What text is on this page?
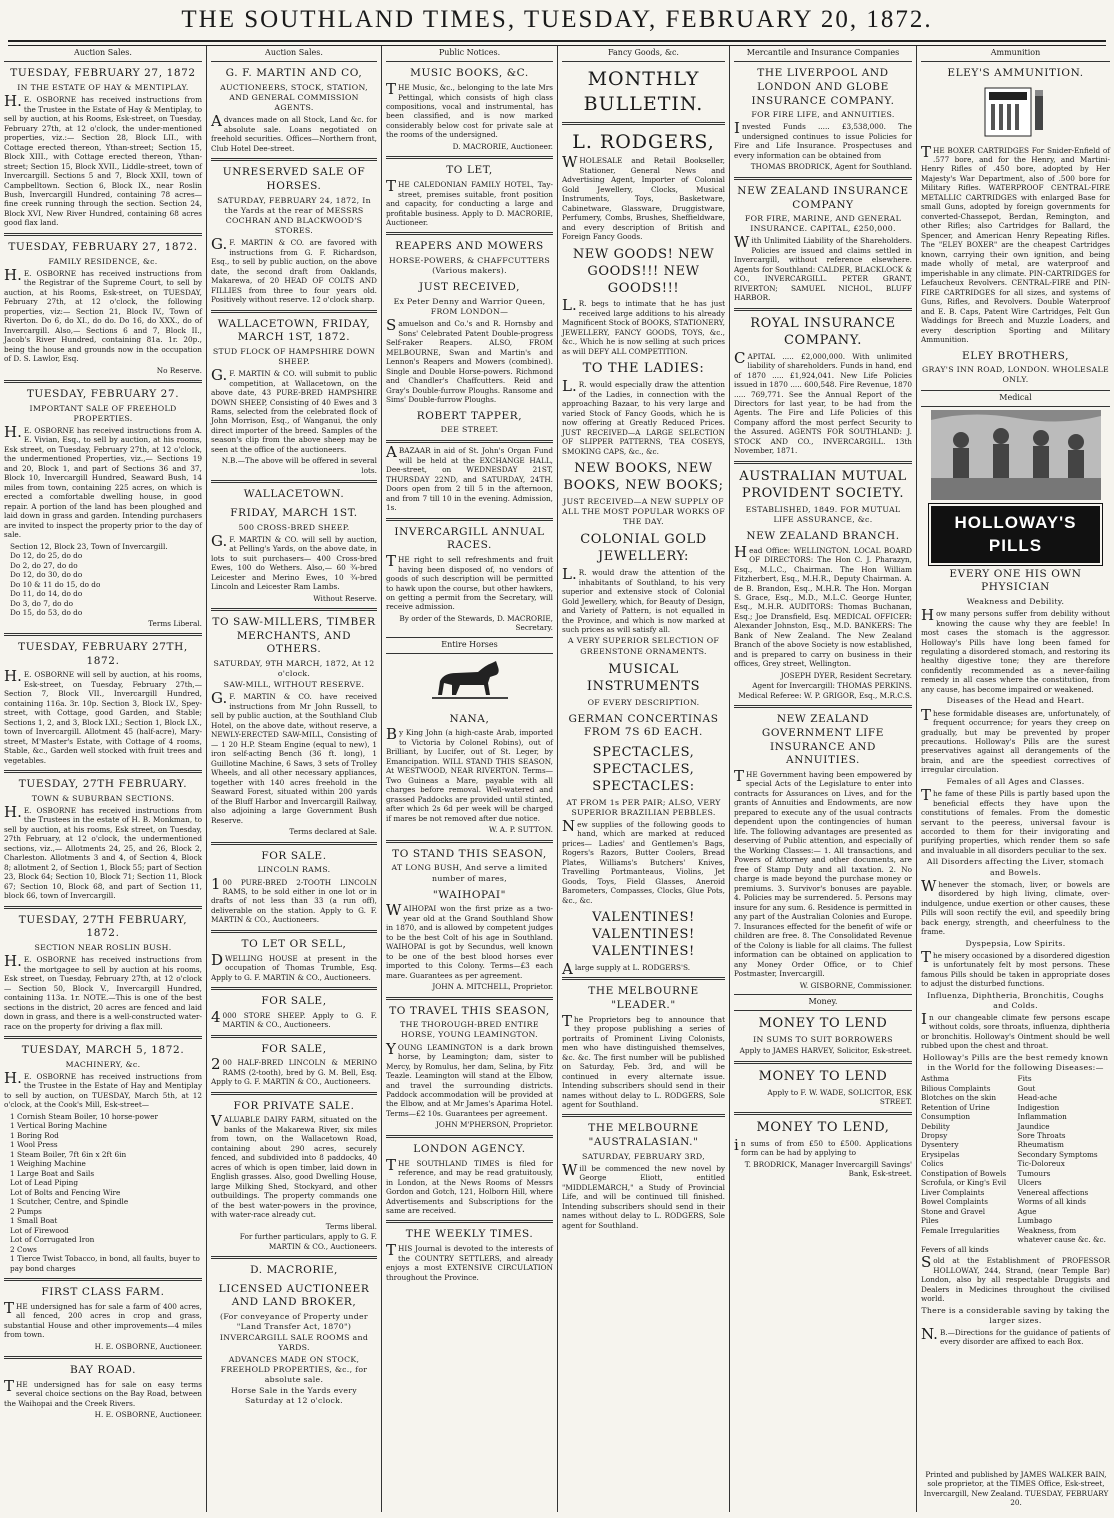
THE SOUTHLAND TIMES, TUESDAY, FEBRUARY 20, 1872.
Auction Sales.
TUESDAY, FEBRUARY 27, 1872
IN THE ESTATE OF HAY & MENTIPLAY.
H.E. OSBORNE has received instructions from the Trustee in the Estate of Hay & Mentiplay, to sell by auction, at his Rooms, Esk-street, on Tuesday, February 27th, at 12 o'clock, the under-mentioned properties, viz.:— Section 28, Block LII., with Cottage erected thereon, Ythan-street; Section 15, Block XIII., with Cottage erected thereon, Ythan-street; Section 15, Block XVII., Liddle-street, town of Invercargill. Sections 5 and 7, Block XXII, town of Campbelltown. Section 6, Block IX., near Roslin Bush, Invercargill Hundred, containing 78 acres—fine creek running through the section. Section 24, Block XVI, New River Hundred, containing 68 acres good flax land.
TUESDAY, FEBRUARY 27, 1872.
FAMILY RESIDENCE, &c.
H.E. OSBORNE has received instructions from the Registrar of the Supreme Court, to sell by auction, at his Rooms, Esk-street, on TUESDAY, February 27th, at 12 o'clock, the following properties, viz:— Section 21, Block IV., Town of Riverton. Do 6, do XI., do do. Do 16, do XXX., do of Invercargill. Also,— Sections 6 and 7, Block II., Jacob's River Hundred, containing 81a. 1r. 20p., being the house and grounds now in the occupation of D. S. Lawlor, Esq.
No Reserve.
TUESDAY, FEBRUARY 27.
IMPORTANT SALE OF FREEHOLD PROPERTIES.
H.E. OSBORNE has received instructions from A. E. Vivian, Esq., to sell by auction, at his rooms, Esk street, on Tuesday, February 27th, at 12 o'clock, the undermentioned Properties, viz.,— Sections 19 and 20, Block 1, and part of Sections 36 and 37, Block 10, Invercargill Hundred, Seaward Bush, 14 miles from town, containing 225 acres, on which is erected a comfortable dwelling house, in good repair. A portion of the land has been ploughed and laid down in grass and garden. Intending purchasers are invited to inspect the property prior to the day of sale.
Section 12, Block 23, Town of Invercargill.
Do 12, do 25, do do
Do 2, do 27, do do
Do 12, do 30, do do
Do 10 & 11 do 15, do do
Do 11, do 14, do do
Do 3, do 7, do do
Do 15, do 53, do do
Terms Liberal.
TUESDAY, FEBRUARY 27TH, 1872.
H.E. OSBORNE will sell by auction, at his rooms, Esk-street, on Tuesday, February 27th,— Section 7, Block VII., Invercargill Hundred, containing 116a. 3r. 10p. Section 3, Block LV., Spey-street, with Cottage, good Garden, and Stable; Sections 1, 2, and 3, Block LXI.; Section 1, Block LX., town of Invercargill. Allotment 45 (half-acre), Mary-street, M'Master's Estate, with Cottage of 4 rooms, Stable, &c., Garden well stocked with fruit trees and vegetables.
TUESDAY, 27TH FEBRUARY.
TOWN & SUBURBAN SECTIONS.
H.E. OSBORNE has received instructions from the Trustees in the estate of H. B. Monkman, to sell by auction, at his rooms, Esk street, on Tuesday, 27th February, at 12 o'clock, the undermentioned sections, viz.,— Allotments 24, 25, and 26, Block 2, Charleston. Allotments 3 and 4, of Section 4, Block 8; allotment 2, of Section 1, Block 55; part of Section 23, Block 64; Section 10, Block 71; Section 11, Block 67; Section 10, Block 68, and part of Section 11, block 66, town of Invercargill.
TUESDAY, 27TH FEBRUARY, 1872.
SECTION NEAR ROSLIN BUSH.
H.E. OSBORNE has received instructions from the mortgagee to sell by auction at his rooms, Esk street, on Tuesday, February 27th, at 12 o'clock— Section 50, Block V., Invercargill Hundred, containing 113a. 1r. NOTE.—This is one of the best sections in the district, 20 acres are fenced and laid down in grass, and there is a well-constructed water-race on the property for driving a flax mill.
TUESDAY, MARCH 5, 1872.
MACHINERY, &c.
H.E. OSBORNE has received instructions from the Trustee in the Estate of Hay and Mentiplay to sell by auction, on TUESDAY, March 5th, at 12 o'clock, at the Cook's Mill, Esk-street—
1 Cornish Steam Boiler, 10 horse-power
1 Vertical Boring Machine
1 Boring Rod
1 Wool Press
1 Steam Boiler, 7ft 6in x 2ft 6in
1 Weighing Machine
1 Large Boat and Sails
Lot of Lead Piping
Lot of Bolts and Fencing Wire
1 Scutcher, Centre, and Spindle
2 Pumps
1 Small Boat
Lot of Firewood
Lot of Corrugated Iron
2 Cows
1 Tierce Twist Tobacco, in bond, all faults, buyer to pay bond charges
FIRST CLASS FARM.
THE undersigned has for sale a farm of 400 acres, all fenced, 200 acres in crop and grass, substantial House and other improvements—4 miles from town.
H. E. OSBORNE, Auctioneer.
BAY ROAD.
THE undersigned has for sale on easy terms several choice sections on the Bay Road, between the Waihopai and the Creek Rivers.
H. E. OSBORNE, Auctioneer.
Auction Sales.
G. F. MARTIN AND CO,
AUCTIONEERS, STOCK, STATION, AND GENERAL COMMISSION AGENTS.
Advances made on all Stock, Land &c. for absolute sale. Loans negotiated on freehold securities. Offices—Northern front, Club Hotel Dee-street.
UNRESERVED SALE OF HORSES.
SATURDAY, FEBRUARY 24, 1872, In the Yards at the rear of MESSRS COCHRAN AND BLACKWOOD'S STORES.
G.F. MARTIN & CO. are favored with instructions from G. F. Richardson, Esq., to sell by public auction, on the above date, the second draft from Oaklands, Makarewa, of 20 HEAD OF COLTS AND FILLIES from three to four years old. Positively without reserve. 12 o'clock sharp.
WALLACETOWN, FRIDAY, MARCH 1ST, 1872.
STUD FLOCK OF HAMPSHIRE DOWN SHEEP.
G.F. MARTIN & CO. will submit to public competition, at Wallacetown, on the above date, 43 PURE-BRED HAMPSHIRE DOWN SHEEP, Consisting of 40 Ewes and 3 Rams, selected from the celebrated flock of John Morrison, Esq., of Wanganui, the only direct importer of the breed. Samples of the season's clip from the above sheep may be seen at the office of the auctioneers.
N.B.—The above will be offered in several lots.
WALLACETOWN.
FRIDAY, MARCH 1ST.
500 CROSS-BRED SHEEP.
G.F. MARTIN & CO. will sell by auction, at Pelling's Yards, on the above date, in lots to suit purchasers— 400 Cross-bred Ewes, 100 do Wethers. Also,— 60 ¾-bred Leicester and Merino Ewes, 10 ¾-bred Lincoln and Leicester Ram Lambs.
Without Reserve.
TO SAW-MILLERS, TIMBER MERCHANTS, AND OTHERS.
SATURDAY, 9TH MARCH, 1872, At 12 o'clock.
SAW-MILL, WITHOUT RESERVE.
G.F. MARTIN & CO. have received instructions from Mr John Russell, to sell by public auction, at the Southland Club Hotel, on the above date, without reserve, a NEWLY-ERECTED SAW-MILL, Consisting of— 1 20 H.P. Steam Engine (equal to new), 1 iron self-acting Bench (36 ft. long), 1 Guillotine Machine, 6 Saws, 3 sets of Trolley Wheels, and all other necessary appliances, together with 140 acres freehold in the Seaward Forest, situated within 200 yards of the Bluff Harbor and Invercargill Railway, also adjoining a large Government Bush Reserve.
Terms declared at Sale.
FOR SALE.
LINCOLN RAMS.
100 PURE-BRED 2-TOOTH LINCOLN RAMS, to be sold either in one lot or in drafts of not less than 33 (a run off), deliverable on the station. Apply to G. F. MARTIN & CO., Auctioneers.
TO LET OR SELL,
DWELLING HOUSE at present in the occupation of Thomas Trumble, Esq. Apply to G. F. MARTIN & CO., Auctioneers.
FOR SALE,
4000 STORE SHEEP. Apply to G. F. MARTIN & CO., Auctioneers.
FOR SALE,
200 HALF-BRED LINCOLN & MERINO RAMS (2-tooth), bred by G. M. Bell, Esq. Apply to G. F. MARTIN & CO., Auctioneers.
FOR PRIVATE SALE.
VALUABLE DAIRY FARM, situated on the banks of the Makarewa River, six miles from town, on the Wallacetown Road, containing about 290 acres, securely fenced, and subdivided into 8 paddocks, 40 acres of which is open timber, laid down in English grasses. Also, good Dwelling House, large Milking Shed, Stockyard, and other outbuildings. The property commands one of the best water-powers in the province, with water-race already cut.
Terms liberal.
For further particulars, apply to G. F. MARTIN & CO., Auctioneers.
D. MACRORIE,
LICENSED AUCTIONEER AND LAND BROKER,
(For conveyance of Property under "Land Transfer Act, 1870")
INVERCARGILL SALE ROOMS and YARDS.
ADVANCES MADE ON STOCK, FREEHOLD PROPERTIES, &c., for absolute sale.
Horse Sale in the Yards every Saturday at 12 o'clock.
Public Notices.
MUSIC BOOKS, &C.
THE Music, &c., belonging to the late Mrs Pettingal, which consists of high class compositions, vocal and instrumental, has been classified, and is now marked considerably below cost for private sale at the rooms of the undersigned.
D. MACRORIE, Auctioneer.
TO LET,
THE CALEDONIAN FAMILY HOTEL, Tay-street, premises suitable, front position and capacity, for conducting a large and profitable business. Apply to D. MACRORIE, Auctioneer.
REAPERS AND MOWERS
HORSE-POWERS, & CHAFFCUTTERS (Various makers).
JUST RECEIVED,
Ex Peter Denny and Warrior Queen, FROM LONDON—
Samuelson and Co.'s and R. Hornsby and Sons' Celebrated Patent Double-progress Self-raker Reapers. ALSO, FROM MELBOURNE, Swan and Martin's and Lennon's Reapers and Mowers (combined). Single and Double Horse-powers. Richmond and Chandler's Chaffcutters. Reid and Gray's Double-furrow Ploughs. Ransome and Sims' Double-furrow Ploughs.
ROBERT TAPPER,
DEE STREET.
ABAZAAR in aid of St. John's Organ Fund will be held at the EXCHANGE HALL, Dee-street, on WEDNESDAY 21ST, THURSDAY 22ND, and SATURDAY, 24TH. Doors open from 2 till 5 in the afternoon, and from 7 till 10 in the evening. Admission, 1s.
INVERCARGILL ANNUAL RACES.
THE right to sell refreshments and fruit having been disposed of, no vendors of goods of such description will be permitted to hawk upon the course, but other hawkers, on getting a permit from the Secretary, will receive admission.
By order of the Stewards, D. MACRORIE, Secretary.
Entire Horses
NANA,
By King John (a high-caste Arab, imported to Victoria by Colonel Robins), out of Brilliant, by Lucifer, out of St. Leger, by Emancipation. WILL STAND THIS SEASON, At WESTWOOD, NEAR RIVERTON. Terms—Two Guineas a Mare, payable with all charges before removal. Well-watered and grassed Paddocks are provided until stinted, after which 2s 6d per week will be charged if mares be not removed after due notice.
W. A. P. SUTTON.
TO STAND THIS SEASON,
AT LONG BUSH, And serve a limited number of mares,
"WAIHOPAI"
WAIHOPAI won the first prize as a two-year old at the Grand Southland Show in 1870, and is allowed by competent judges to be the best Colt of his age in Southland. WAIHOPAI is got by Secundus, well known to be one of the best blood horses ever imported to this Colony. Terms—£3 each mare. Guarantees as per agreement.
JOHN A. MITCHELL, Proprietor.
TO TRAVEL THIS SEASON,
THE THOROUGH-BRED ENTIRE HORSE, YOUNG LEAMINGTON.
YOUNG LEAMINGTON is a dark brown horse, by Leamington; dam, sister to Mercy, by Romulus, her dam, Selina, by Fitz Teazle. Leamington will stand at the Elbow, and travel the surrounding districts. Paddock accommodation will be provided at the Elbow, and at Mr James's Aparima Hotel. Terms—£2 10s. Guarantees per agreement.
JOHN M'PHERSON, Proprietor.
LONDON AGENCY.
THE SOUTHLAND TIMES is filed for reference, and may be read gratuitously, in London, at the News Rooms of Messrs Gordon and Gotch, 121, Holborn Hill, where Advertisements and Subscriptions for the same are received.
THE WEEKLY TIMES.
THIS Journal is devoted to the interests of the COUNTRY SETTLERS, and already enjoys a most EXTENSIVE CIRCULATION throughout the Province.
Fancy Goods, &c.
MONTHLY BULLETIN.
L. RODGERS,
WHOLESALE and Retail Bookseller, Stationer, General News and Advertising Agent, Importer of Colonial Gold Jewellery, Clocks, Musical Instruments, Toys, Basketware, Cabinetware, Glassware, Druggistware, Perfumery, Combs, Brushes, Sheffieldware, and every description of British and Foreign Fancy Goods.
NEW GOODS! NEW GOODS!!! NEW GOODS!!!
L.R. begs to intimate that he has just received large additions to his already Magnificent Stock of BOOKS, STATIONERY, JEWELLERY, FANCY GOODS, TOYS, &c., &c., Which he is now selling at such prices as will DEFY ALL COMPETITION.
TO THE LADIES:
L.R. would especially draw the attention of the Ladies, in connection with the approaching Bazaar, to his very large and varied Stock of Fancy Goods, which he is now offering at Greatly Reduced Prices. JUST RECEIVED—A LARGE SELECTION OF SLIPPER PATTERNS, TEA COSEYS, SMOKING CAPS, &c., &c.
NEW BOOKS, NEW BOOKS, NEW BOOKS;
JUST RECEIVED—A NEW SUPPLY OF ALL THE MOST POPULAR WORKS OF THE DAY.
COLONIAL GOLD JEWELLERY:
L.R. would draw the attention of the inhabitants of Southland, to his very superior and extensive stock of Colonial Gold Jewellery, which, for Beauty of Design, and Variety of Pattern, is not equalled in the Province, and which is now marked at such prices as will satisfy all.
A VERY SUPERIOR SELECTION OF GREENSTONE ORNAMENTS.
MUSICAL INSTRUMENTS
OF EVERY DESCRIPTION.
GERMAN CONCERTINAS FROM 7S 6D EACH.
SPECTACLES, SPECTACLES, SPECTACLES:
AT FROM 1s PER PAIR; ALSO, VERY SUPERIOR BRAZILIAN PEBBLES.
New supplies of the following goods to hand, which are marked at reduced prices— Ladies' and Gentlemen's Bags, Rogers's Razors, Butter Coolers, Bread Plates, Williams's Butchers' Knives, Travelling Portmanteaus, Violins, Jet Goods, Toys, Field Glasses, Aneroid Barometers, Compasses, Clocks, Glue Pots, &c., &c.
VALENTINES! VALENTINES! VALENTINES!
Alarge supply at L. RODGERS'S.
THE MELBOURNE "LEADER."
The Proprietors beg to announce that they propose publishing a series of portraits of Prominent Living Colonists, men who have distinguished themselves, &c. &c. The first number will be published on Saturday, Feb. 3rd, and will be continued in every alternate issue. Intending subscribers should send in their names without delay to L. RODGERS, Sole agent for Southland.
THE MELBOURNE "AUSTRALASIAN."
SATURDAY, FEBRUARY 3RD,
Will be commenced the new novel by George Eliott, entitled "MIDDLEMARCH," a Study of Provincial Life, and will be continued till finished. Intending subscribers should send in their names without delay to L. RODGERS, Sole agent for Southland.
Mercantile and Insurance Companies
THE LIVERPOOL AND LONDON AND GLOBE INSURANCE COMPANY.
FOR FIRE LIFE, and ANNUITIES.
Invested Funds ..... £3,538,000. The undersigned continues to issue Policies for Fire and Life Insurance. Prospectuses and every information can be obtained from
THOMAS BRODRICK, Agent for Southland.
NEW ZEALAND INSURANCE COMPANY
FOR FIRE, MARINE, AND GENERAL INSURANCE. CAPITAL, £250,000.
With Unlimited Liability of the Shareholders. Policies are issued and claims settled in Invercargill, without reference elsewhere. Agents for Southland: CALDER, BLACKLOCK & CO., INVERCARGILL. PETER GRANT, RIVERTON; SAMUEL NICHOL, BLUFF HARBOR.
ROYAL INSURANCE COMPANY.
CAPITAL ..... £2,000,000. With unlimited liability of shareholders. Funds in hand, end of 1870 ..... £1,924,041. New Life Policies issued in 1870 ..... 600,548. Fire Revenue, 1870 ..... 769,771. See the Annual Report of the Directors for last year, to be had from the Agents. The Fire and Life Policies of this Company afford the most perfect Security to the Assured. AGENTS FOR SOUTHLAND: J. STOCK AND CO., INVERCARGILL. 13th November, 1871.
AUSTRALIAN MUTUAL PROVIDENT SOCIETY.
ESTABLISHED, 1849. FOR MUTUAL LIFE ASSURANCE, &c.
NEW ZEALAND BRANCH.
Head Office: WELLINGTON. LOCAL BOARD OF DIRECTORS: The Hon C. J. Pharazyn, Esq., M.L.C., Chairman. The Hon William Fitzherbert, Esq., M.H.R., Deputy Chairman. A. de B. Brandon, Esq., M.H.R. The Hon. Morgan S. Grace, Esq., M.D., M.L.C. George Hunter, Esq., M.H.R. AUDITORS: Thomas Buchanan, Esq.; Joe Dransfield, Esq. MEDICAL OFFICER: Alexander Johnston, Esq., M.D. BANKERS: The Bank of New Zealand. The New Zealand Branch of the above Society is now established, and is prepared to carry on business in their offices, Grey street, Wellington.
JOSEPH DYER, Resident Secretary.
Agent for Invercargill: THOMAS PERKINS. Medical Referee: W. P. GRIGOR, Esq., M.R.C.S.
NEW ZEALAND GOVERNMENT LIFE INSURANCE AND ANNUITIES.
THE Government having been empowered by special Acts of the Legislature to enter into contracts for Assurances on Lives, and for the grants of Annuities and Endowments, are now prepared to execute any of the usual contracts dependent upon the contingencies of human life. The following advantages are presented as deserving of Public attention, and especially of the Working Classes:— 1. All transactions, and Powers of Attorney and other documents, are free of Stamp Duty and all taxation. 2. No charge is made beyond the purchase money or premiums. 3. Survivor's bonuses are payable. 4. Policies may be surrendered. 5. Persons may insure for any sum. 6. Residence is permitted in any part of the Australian Colonies and Europe. 7. Insurances effected for the benefit of wife or children are free. 8. The Consolidated Revenue of the Colony is liable for all claims. The fullest information can be obtained on application to any Money Order Office, or to Chief Postmaster, Invercargill.
W. GISBORNE, Commissioner.
Money.
MONEY TO LEND
IN SUMS TO SUIT BORROWERS
Apply to JAMES HARVEY, Solicitor, Esk-street.
MONEY TO LEND
Apply to F. W. WADE, SOLICITOR, ESK STREET.
MONEY TO LEND,
in sums of from £50 to £500. Applications form can be had by applying to
T. BRODRICK, Manager Invercargill Savings' Bank, Esk-street.
Ammunition
ELEY'S AMMUNITION.
THE BOXER CARTRIDGES For Snider-Enfield of .577 bore, and for the Henry, and Martini-Henry Rifles of .450 bore, adopted by Her Majesty's War Department, also of .500 bore for Military Rifles. WATERPROOF CENTRAL-FIRE METALLIC CARTRIDGES with enlarged Base for small Guns, adopted by foreign governments for converted-Chassepot, Berdan, Remington, and other Rifles; also Cartridges for Ballard, the Spencer, and American Henry Repeating Rifles. The "ELEY BOXER" are the cheapest Cartridges known, carrying their own ignition, and being made wholly of metal, are waterproof and imperishable in any climate. PIN-CARTRIDGES for Lefaucheux Revolvers. CENTRAL-FIRE and PIN-FIRE CARTRIDGES for all sizes, and systems of Guns, Rifles, and Revolvers. Double Waterproof and E. B. Caps, Patent Wire Cartridges, Felt Gun Waddings for Breech and Muzzle Loaders, and every description Sporting and Military Ammunition.
ELEY BROTHERS,
GRAY'S INN ROAD, LONDON. WHOLESALE ONLY.
Medical
HOLLOWAY'S PILLS
EVERY ONE HIS OWN PHYSICIAN
Weakness and Debility.
How many persons suffer from debility without knowing the cause why they are feeble! In most cases the stomach is the aggressor. Holloway's Pills have long been famed for regulating a disordered stomach, and restoring its healthy digestive tone; they are therefore confidently recommended as a never-failing remedy in all cases where the constitution, from any cause, has become impaired or weakened.
Diseases of the Head and Heart.
These formidable diseases are, unfortunately, of frequent occurrence; for years they creep on gradually, but may be prevented by proper precautions. Holloway's Pills are the surest preservatives against all derangements of the brain, and are the speediest correctives of irregular circulation.
Females of all Ages and Classes.
The fame of these Pills is partly based upon the beneficial effects they have upon the constitutions of females. From the domestic servant to the peeress, universal favour is accorded to them for their invigorating and purifying properties, which render them so safe and invaluable in all disorders peculiar to the sex.
All Disorders affecting the Liver, stomach and Bowels.
Whenever the stomach, liver, or bowels are disordered by high living, climate, over-indulgence, undue exertion or other causes, these Pills will soon rectify the evil, and speedily bring back energy, strength, and cheerfulness to the frame.
Dyspepsia, Low Spirits.
The misery occasioned by a disordered digestion is unfortunately felt by most persons. These famous Pills should be taken in appropriate doses to adjust the disturbed functions.
Influenza, Diphtheria, Bronchitis, Coughs and Colds.
In our changeable climate few persons escape without colds, sore throats, influenza, diphtheria or bronchitis. Holloway's Ointment should be well rubbed upon the chest and throat.
Holloway's Pills are the best remedy known in the World for the following Diseases:—
Asthma	Fits
Bilious Complaints	Gout
Blotches on the skin	Head-ache
Retention of Urine	Indigestion
Consumption	Inflammation
Debility	Jaundice
Dropsy	Sore Throats
Dysentery	Rheumatism
Erysipelas	Secondary Symptoms
Colics	Tic-Doloreux
Constipation of Bowels	Tumours
Scrofula, or King's Evil	Ulcers
Liver Complaints	Venereal affections
Bowel Complaints	Worms of all kinds
Stone and Gravel	Ague
Piles	Lumbago
Female Irregularities	Weakness, from whatever cause &c. &c.
Fevers of all kinds
Sold at the Establishment of PROFESSOR HOLLOWAY, 244, Strand, (near Temple Bar) London, also by all respectable Druggists and Dealers in Medicines throughout the civilised world.
There is a considerable saving by taking the larger sizes.
N.B.—Directions for the guidance of patients of every disorder are affixed to each Box.
Printed and published by JAMES WALKER BAIN, sole proprietor, at the TIMES Office, Esk-street, Invercargill, New Zealand. TUESDAY, FEBRUARY 20.
